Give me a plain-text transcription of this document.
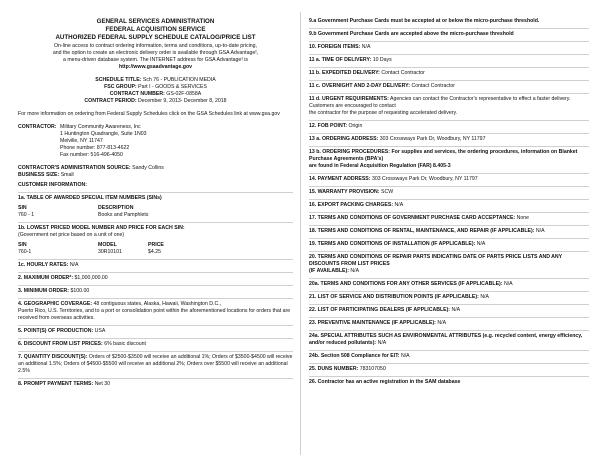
GENERAL SERVICES ADMINISTRATION
FEDERAL ACQUISITION SERVICE
AUTHORIZED FEDERAL SUPPLY SCHEDULE CATALOG/PRICE LIST
On-line access to contract ordering information, terms and conditions, up-to-date pricing,
and the option to create an electronic delivery order is available through GSA Advantage!,
a menu-driven database system. The INTERNET address for GSA Advantage! is
http://www.gsaadvantage.gov
SCHEDULE TITLE: Sch 76 - PUBLICATION MEDIA
FSC GROUP: Part I - GOODS & SERVICES
CONTRACT NUMBER: GS-02F-0858A
CONTRACT PERIOD: December 9, 2013- December 8, 2018
For more information on ordering from Federal Supply Schedules click on the GSA Schedules link at www.gsa.gov
CONTRACTOR: Military Community Awareness, Inc
1 Huntington Quadrangle, Suite 1N03
Melville, NY 11747
Phone number: 877-813-4622
Fax number: 516-496-4050
CONTRACTOR'S ADMINISTRATION SOURCE: Sandy Collins
BUSINESS SIZE: Small
CUSTOMER INFORMATION:
1a. TABLE OF AWARDED SPECIAL ITEM NUMBERS (SINs)
SIN	DESCRIPTION
760 - 1	Books and Pamphlets
1b. LOWEST PRICED MODEL NUMBER AND PRICE FOR EACH SIN:
(Government net price based on a unit of one)
SIN	MODEL	PRICE
760-1	30R10101	$4.25
1c. HOURLY RATES: N/A
2. MAXIMUM ORDER*: $1,000,000.00
3. MINIMUM ORDER: $100.00
4. GEOGRAPHIC COVERAGE: 48 contiguous states, Alaska, Hawaii, Washington D.C.,
Puerto Rico, U.S. Territories, and to a port or consolidation point within the aforementioned locations for orders that are received from overseas activities.
5. POINT(S) OF PRODUCTION: USA
6. DISCOUNT FROM LIST PRICES: 6% basic discount
7. QUANTITY DISCOUNT(S): Orders of $2500-$3500 will receive an additional 1%; Orders of $3500-$4500 will receive an additional 1.5%; Orders of $4500-$5500 will receive an additional 2%; Orders over $5500 will receive an additional 2.5%
8. PROMPT PAYMENT TERMS: Net 30
9.a Government Purchase Cards must be accepted at or below the micro-purchase threshold.
9.b Government Purchase Cards are accepted above the micro-purchase threshold
10. FOREIGN ITEMS: N/A
11 a. TIME OF DELIVERY: 10 Days
11 b. EXPEDITED DELIVERY: Contact Contractor
11 c. OVERNIGHT AND 2-DAY DELIVERY: Contact Contractor
11 d. URGENT REQUIREMENTS: Agencies can contact the Contractor's representative to effect a faster delivery. Customers are encouraged to contact
the contractor for the purpose of requesting accelerated delivery.
12. FOB POINT: Origin
13 a. ORDERING ADDRESS: 303 Crossways Park Dr, Woodbury, NY 11797
13 b. ORDERING PROCEDURES: For supplies and services, the ordering procedures, information on Blanket Purchase Agreements (BPA's)
are found in Federal Acquisition Regulation (FAR) 8.405-3
14. PAYMENT ADDRESS: 303 Crossways Park Dr, Woodbury, NY 11797
15. WARRANTY PROVISION: SCW
16. EXPORT PACKING CHARGES: N/A
17. TERMS AND CONDITIONS OF GOVERNMENT PURCHASE CARD ACCEPTANCE: None
18. TERMS AND CONDITIONS OF RENTAL, MAINTENANCE, AND REPAIR (IF APPLICABLE): N/A
19. TERMS AND CONDITIONS OF INSTALLATION (IF APPLICABLE): N/A
20. TERMS AND CONDITIONS OF REPAIR PARTS INDICATING DATE OF PARTS PRICE LISTS AND ANY DISCOUNTS FROM LIST PRICES
(IF AVAILABLE): N/A
20a. TERMS AND CONDITIONS FOR ANY OTHER SERVICES (IF APPLICABLE): N/A
21. LIST OF SERVICE AND DISTRIBUTION POINTS (IF APPLICABLE): N/A
22. LIST OF PARTICIPATING DEALERS (IF APPLICABLE): N/A
23. PREVENTIVE MAINTENANCE (IF APPLICABLE): N/A
24a. SPECIAL ATTRIBUTES SUCH AS ENVIRONMENTAL ATTRIBUTES (e.g. recycled content, energy efficiency, and/or reduced pollutants): N/A
24b. Section 508 Compliance for EIT: N/A
25. DUNS NUMBER: 783107050
26. Contractor has an active registration in the SAM database
